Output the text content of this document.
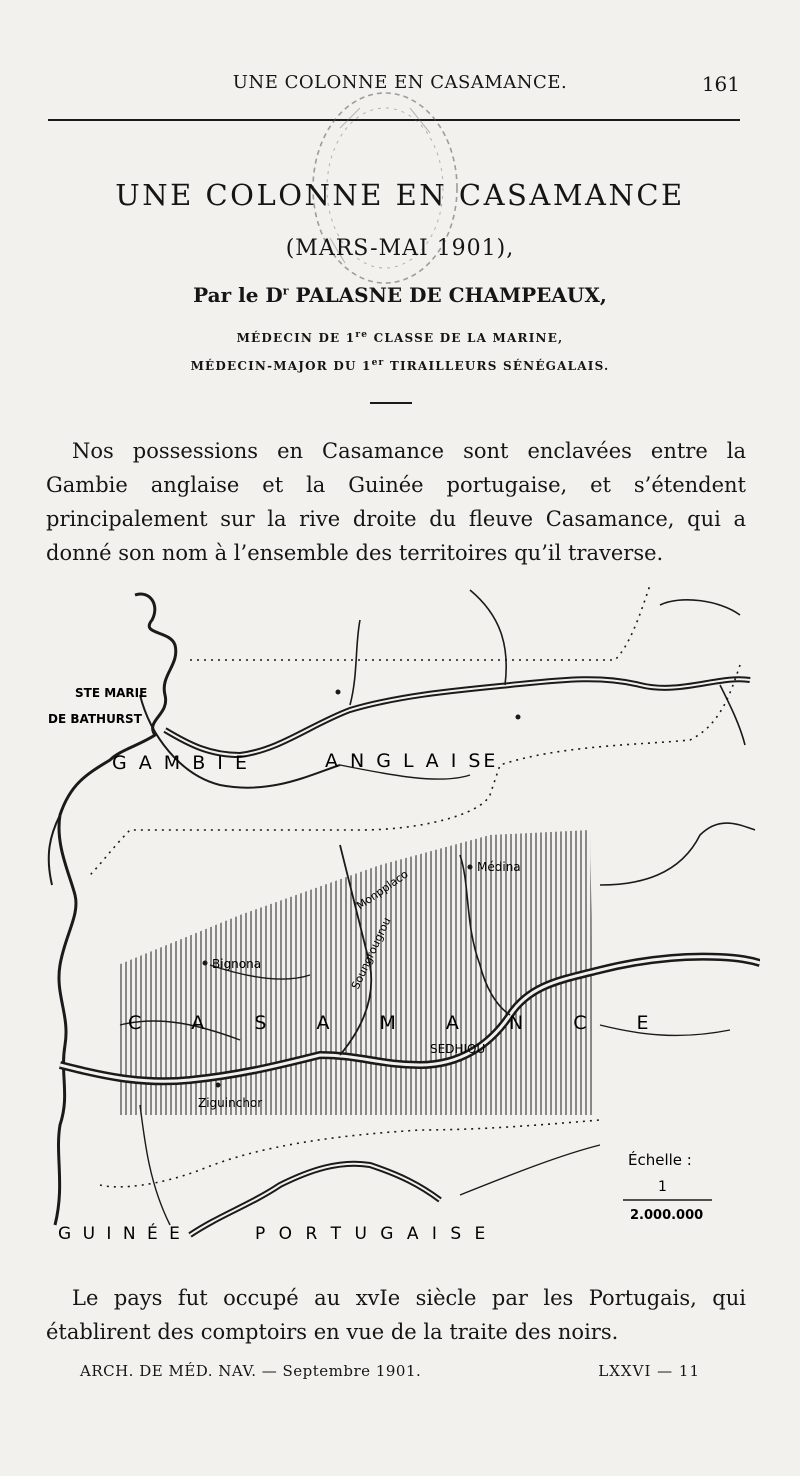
UNE COLONNE EN CASAMANCE.	161
UNE COLONNE EN CASAMANCE
(MARS-MAI 1901),
Par le $D^r$ PALASNE DE CHAMPEAUX,
MÉDECIN DE 1re CLASSE DE LA MARINE,
MÉDECIN-MAJOR DU 1er TIRAILLEURS SÉNÉGALAIS.
Nos possessions en Casamance sont enclavées entre la Gambie anglaise et la Guinée portugaise, et s’étendent principalement sur la rive droite du fleuve Casamance, qui a donné son nom à l’ensemble des territoires qu’il traverse.
STE MARIE
DE BATHURST
G A M B I E	A N G L A I SE
Médina
Monpplaco
Soungrougrou
Bignona
C A S A M A N C E
SEDHIOU
Ziguinchor
G U I N É E	P O R T U G A I S E
Échelle :
1
2.000.000
Le pays fut occupé au xvIe siècle par les Portugais, qui établirent des comptoirs en vue de la traite des noirs.
ARCH. DE MÉD. NAV. — Septembre 1901.	LXXVI — 11
